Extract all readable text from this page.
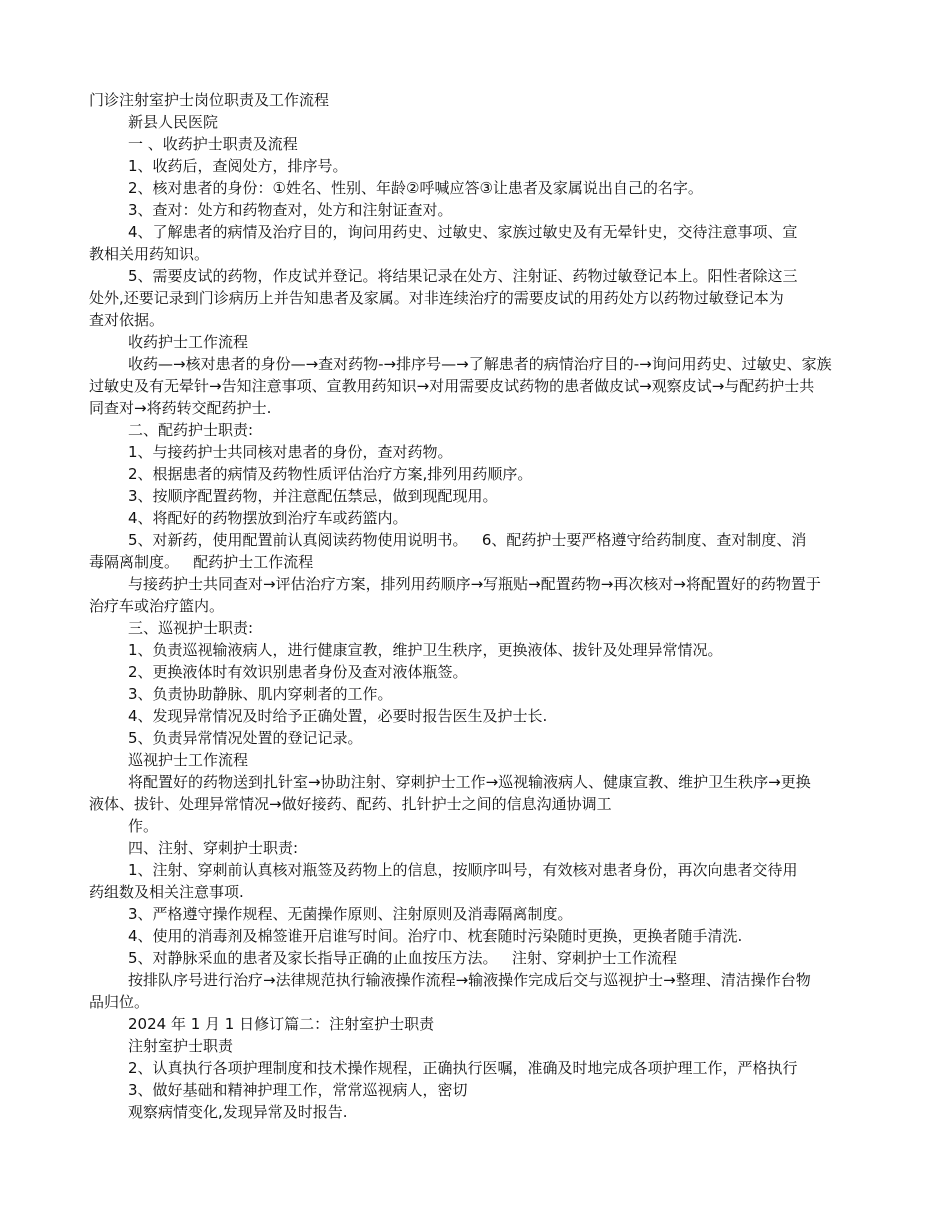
门诊注射室护士岗位职责及工作流程
新县人民医院
一 、收药护士职责及流程
1、收药后，查阅处方，排序号。
2、核对患者的身份：①姓名、性别、年龄②呼喊应答③让患者及家属说出自己的名字。
3、查对：处方和药物查对，处方和注射证查对。
4、了解患者的病情及治疗目的，询问用药史、过敏史、家族过敏史及有无晕针史，交待注意事项、宣
教相关用药知识。
5、需要皮试的药物，作皮试并登记。将结果记录在处方、注射证、药物过敏登记本上。阳性者除这三
处外,还要记录到门诊病历上并告知患者及家属。对非连续治疗的需要皮试的用药处方以药物过敏登记本为
查对依据。
收药护士工作流程
收药—→核对患者的身份—→查对药物-→排序号—→了解患者的病情治疗目的-→询问用药史、过敏史、家族
过敏史及有无晕针→告知注意事项、宣教用药知识→对用需要皮试药物的患者做皮试→观察皮试→与配药护士共
同查对→将药转交配药护士.
二、配药护士职责:
1、与接药护士共同核对患者的身份，查对药物。
2、根据患者的病情及药物性质评估治疗方案,排列用药顺序。
3、按顺序配置药物，并注意配伍禁忌，做到现配现用。
4、将配好的药物摆放到治疗车或药篮内。
5、对新药，使用配置前认真阅读药物使用说明书。   6、配药护士要严格遵守给药制度、查对制度、消
毒隔离制度。   配药护士工作流程
与接药护士共同查对→评估治疗方案，排列用药顺序→写瓶贴→配置药物→再次核对→将配置好的药物置于
治疗车或治疗篮内。
三、巡视护士职责:
1、负责巡视输液病人，进行健康宣教，维护卫生秩序，更换液体、拔针及处理异常情况。
2、更换液体时有效识别患者身份及查对液体瓶签。
3、负责协助静脉、肌内穿刺者的工作。
4、发现异常情况及时给予正确处置，必要时报告医生及护士长.
5、负责异常情况处置的登记记录。
巡视护士工作流程
将配置好的药物送到扎针室→协助注射、穿刺护士工作→巡视输液病人、健康宣教、维护卫生秩序→更换
液体、拔针、处理异常情况→做好接药、配药、扎针护士之间的信息沟通协调工
作。
四、注射、穿刺护士职责:
1、注射、穿刺前认真核对瓶签及药物上的信息，按顺序叫号，有效核对患者身份，再次向患者交待用
药组数及相关注意事项.
3、严格遵守操作规程、无菌操作原则、注射原则及消毒隔离制度。
4、使用的消毒剂及棉签谁开启谁写时间。治疗巾、枕套随时污染随时更换，更换者随手清洗.
5、对静脉采血的患者及家长指导正确的止血按压方法。   注射、穿刺护士工作流程
按排队序号进行治疗→法律规范执行输液操作流程→输液操作完成后交与巡视护士→整理、清洁操作台物
品归位。
2024 年 1 月 1 日修订篇二：注射室护士职责
注射室护士职责
2、认真执行各项护理制度和技术操作规程，正确执行医嘱，准确及时地完成各项护理工作，严格执行
3、做好基础和精神护理工作，常常巡视病人，密切
观察病情变化,发现异常及时报告.
